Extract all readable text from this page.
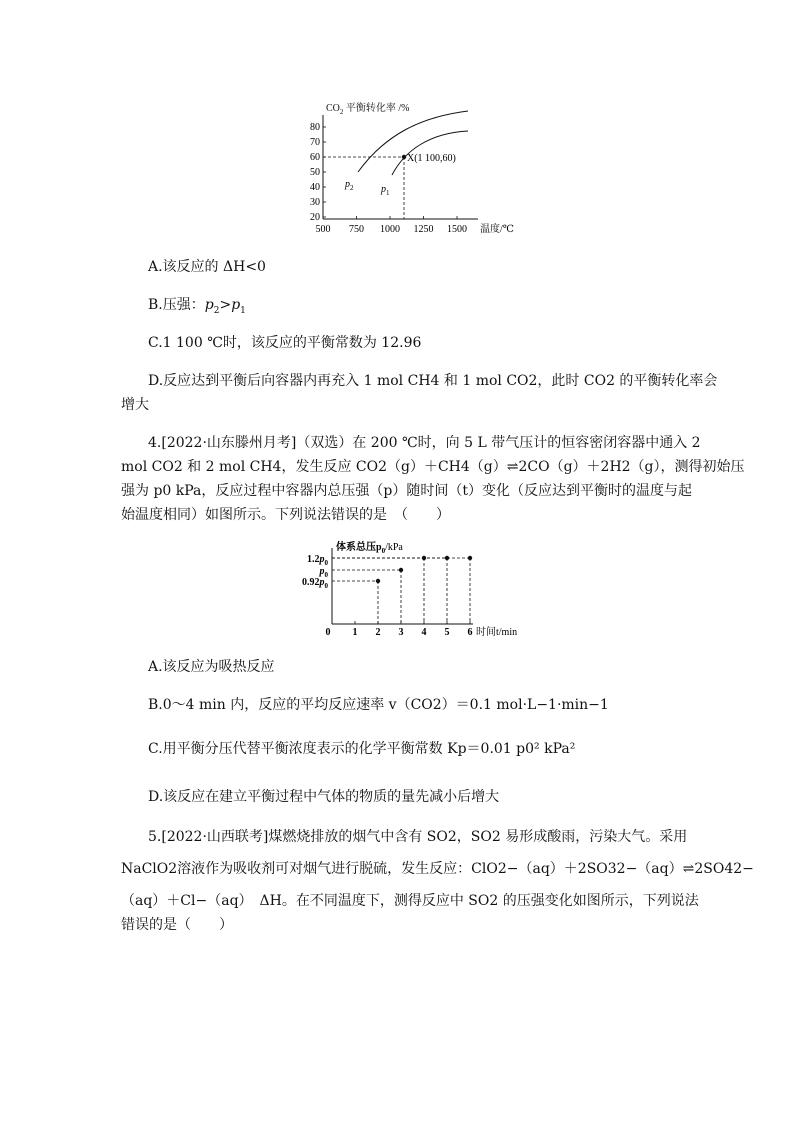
$CO_2$ 平衡转化率 /%
80
70
60
50
40
30
20
500 750 1000 1250 1500 温度/℃
X(1 100,60)
$p_2$	$p_1$
A.该反应的 ΔH<0
B.压强：$p_2>p_1$
C.1 100 ℃时，该反应的平衡常数为 12.96
D.反应达到平衡后向容器内再充入 1 mol CH4 和 1 mol CO2，此时 CO2 的平衡转化率会
增大
4.[2022·山东滕州月考]（双选）在 200 ℃时，向 5 L 带气压计的恒容密闭容器中通入 2
mol CO2 和 2 mol CH4，发生反应 CO2（g）＋CH4（g）⇌2CO（g）＋2H2（g），测得初始压
强为 p0 kPa，反应过程中容器内总压强（p）随时间（t）变化（反应达到平衡时的温度与起
始温度相同）如图所示。下列说法错误的是　（　　）
体系总压$p_0$/kPa
$1.2p_0$
$p_0$
$0.92p_0$
0 1 2 3 4 5 6 时间t/min
A.该反应为吸热反应
B.0～4 min 内，反应的平均反应速率 v（CO2）＝0.1 mol·L−1·min−1
C.用平衡分压代替平衡浓度表示的化学平衡常数 Kp＝0.01 p0² kPa²
D.该反应在建立平衡过程中气体的物质的量先减小后增大
5.[2022·山西联考]煤燃烧排放的烟气中含有 SO2，SO2 易形成酸雨，污染大气。采用
NaClO2溶液作为吸收剂可对烟气进行脱硫，发生反应：ClO2−（aq）＋2SO32−（aq）⇌2SO42−
（aq）＋Cl−（aq）　ΔH。在不同温度下，测得反应中 SO2 的压强变化如图所示，下列说法
错误的是（　　）
